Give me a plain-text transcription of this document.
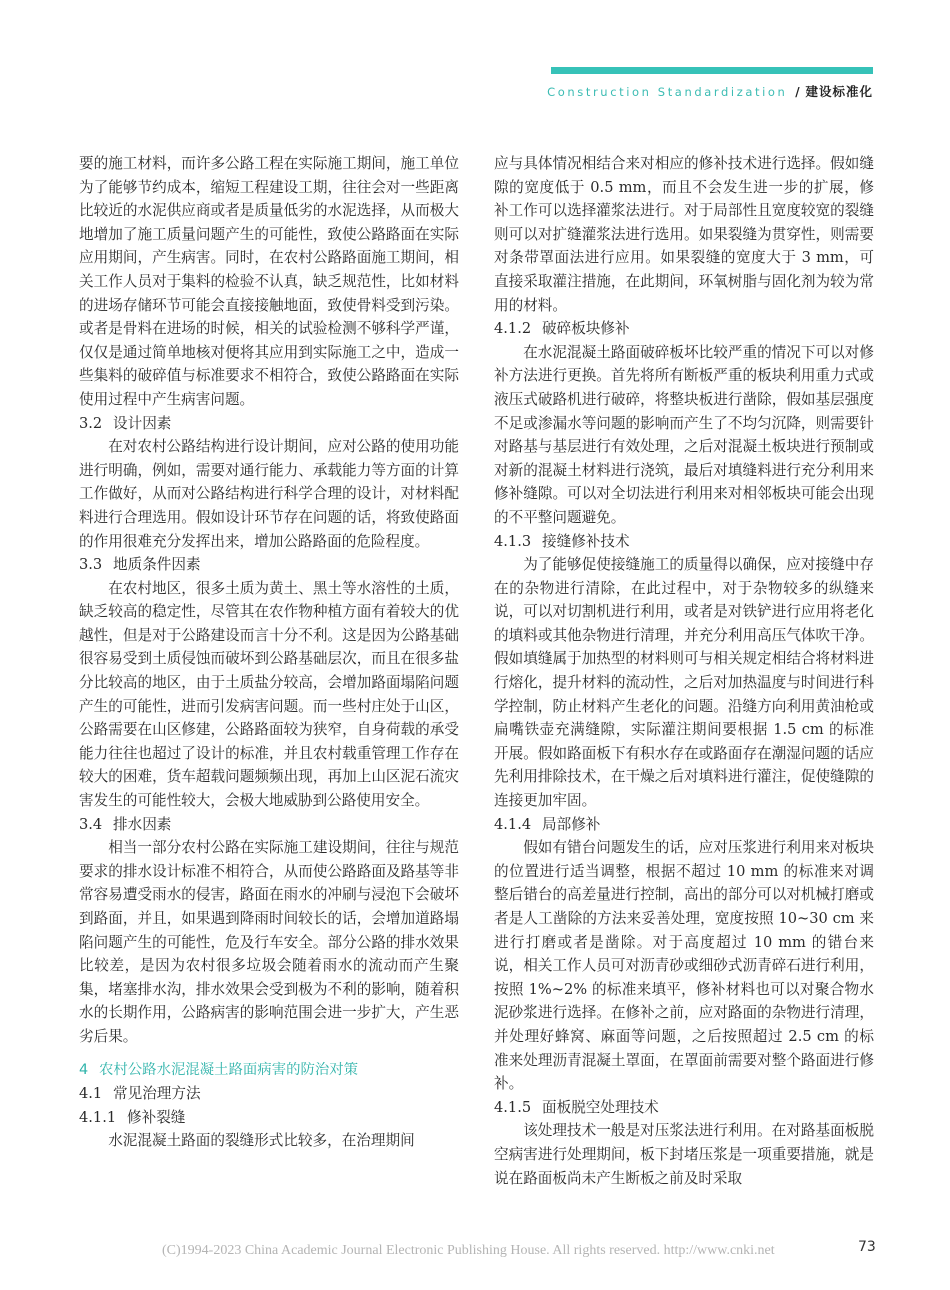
Construction Standardization / 建设标准化

要的施工材料，而许多公路工程在实际施工期间，施工单位为了能够节约成本，缩短工程建设工期，往往会对一些距离比较近的水泥供应商或者是质量低劣的水泥选择，从而极大地增加了施工质量问题产生的可能性，致使公路路面在实际应用期间，产生病害。同时，在农村公路路面施工期间，相关工作人员对于集料的检验不认真，缺乏规范性，比如材料的进场存储环节可能会直接接触地面，致使骨料受到污染。或者是骨料在进场的时候，相关的试验检测不够科学严谨，仅仅是通过简单地核对便将其应用到实际施工之中，造成一些集料的破碎值与标准要求不相符合，致使公路路面在实际使用过程中产生病害问题。

3.2 设计因素

在对农村公路结构进行设计期间，应对公路的使用功能进行明确，例如，需要对通行能力、承载能力等方面的计算工作做好，从而对公路结构进行科学合理的设计，对材料配料进行合理选用。假如设计环节存在问题的话，将致使路面的作用很难充分发挥出来，增加公路路面的危险程度。

3.3 地质条件因素

在农村地区，很多土质为黄土、黑土等水溶性的土质，缺乏较高的稳定性，尽管其在农作物种植方面有着较大的优越性，但是对于公路建设而言十分不利。这是因为公路基础很容易受到土质侵蚀而破坏到公路基础层次，而且在很多盐分比较高的地区，由于土质盐分较高，会增加路面塌陷问题产生的可能性，进而引发病害问题。而一些村庄处于山区，公路需要在山区修建，公路路面较为狭窄，自身荷载的承受能力往往也超过了设计的标准，并且农村载重管理工作存在较大的困难，货车超载问题频频出现，再加上山区泥石流灾害发生的可能性较大，会极大地威胁到公路使用安全。

3.4 排水因素

相当一部分农村公路在实际施工建设期间，往往与规范要求的排水设计标准不相符合，从而使公路路面及路基等非常容易遭受雨水的侵害，路面在雨水的冲刷与浸泡下会破坏到路面，并且，如果遇到降雨时间较长的话，会增加道路塌陷问题产生的可能性，危及行车安全。部分公路的排水效果比较差，是因为农村很多垃圾会随着雨水的流动而产生聚集，堵塞排水沟，排水效果会受到极为不利的影响，随着积水的长期作用，公路病害的影响范围会进一步扩大，产生恶劣后果。

4 农村公路水泥混凝土路面病害的防治对策
4.1 常见治理方法
4.1.1 修补裂缝

水泥混凝土路面的裂缝形式比较多，在治理期间

应与具体情况相结合来对相应的修补技术进行选择。假如缝隙的宽度低于 0.5 mm，而且不会发生进一步的扩展，修补工作可以选择灌浆法进行。对于局部性且宽度较宽的裂缝则可以对扩缝灌浆法进行选用。如果裂缝为贯穿性，则需要对条带罩面法进行应用。如果裂缝的宽度大于 3 mm，可直接采取灌注措施，在此期间，环氧树脂与固化剂为较为常用的材料。

4.1.2 破碎板块修补

在水泥混凝土路面破碎板坏比较严重的情况下可以对修补方法进行更换。首先将所有断板严重的板块利用重力式或液压式破路机进行破碎，将整块板进行凿除，假如基层强度不足或渗漏水等问题的影响而产生了不均匀沉降，则需要针对路基与基层进行有效处理，之后对混凝土板块进行预制或对新的混凝土材料进行浇筑，最后对填缝料进行充分利用来修补缝隙。可以对全切法进行利用来对相邻板块可能会出现的不平整问题避免。

4.1.3 接缝修补技术

为了能够促使接缝施工的质量得以确保，应对接缝中存在的杂物进行清除，在此过程中，对于杂物较多的纵缝来说，可以对切割机进行利用，或者是对铁铲进行应用将老化的填料或其他杂物进行清理，并充分利用高压气体吹干净。假如填缝属于加热型的材料则可与相关规定相结合将材料进行熔化，提升材料的流动性，之后对加热温度与时间进行科学控制，防止材料产生老化的问题。沿缝方向利用黄油枪或扁嘴铁壶充满缝隙，实际灌注期间要根据 1.5 cm 的标准开展。假如路面板下有积水存在或路面存在潮湿问题的话应先利用排除技术，在干燥之后对填料进行灌注，促使缝隙的连接更加牢固。

4.1.4 局部修补

假如有错台问题发生的话，应对压浆进行利用来对板块的位置进行适当调整，根据不超过 10 mm 的标准来对调整后错台的高差量进行控制，高出的部分可以对机械打磨或者是人工凿除的方法来妥善处理，宽度按照 10~30 cm 来进行打磨或者是凿除。对于高度超过 10 mm 的错台来说，相关工作人员可对沥青砂或细砂式沥青碎石进行利用，按照 1%~2% 的标准来填平，修补材料也可以对聚合物水泥砂浆进行选择。在修补之前，应对路面的杂物进行清理，并处理好蜂窝、麻面等问题，之后按照超过 2.5 cm 的标准来处理沥青混凝土罩面，在罩面前需要对整个路面进行修补。

4.1.5 面板脱空处理技术

该处理技术一般是对压浆法进行利用。在对路基面板脱空病害进行处理期间，板下封堵压浆是一项重要措施，就是说在路面板尚未产生断板之前及时采取

(C)1994-2023 China Academic Journal Electronic Publishing House. All rights reserved. http://www.cnki.net	73
